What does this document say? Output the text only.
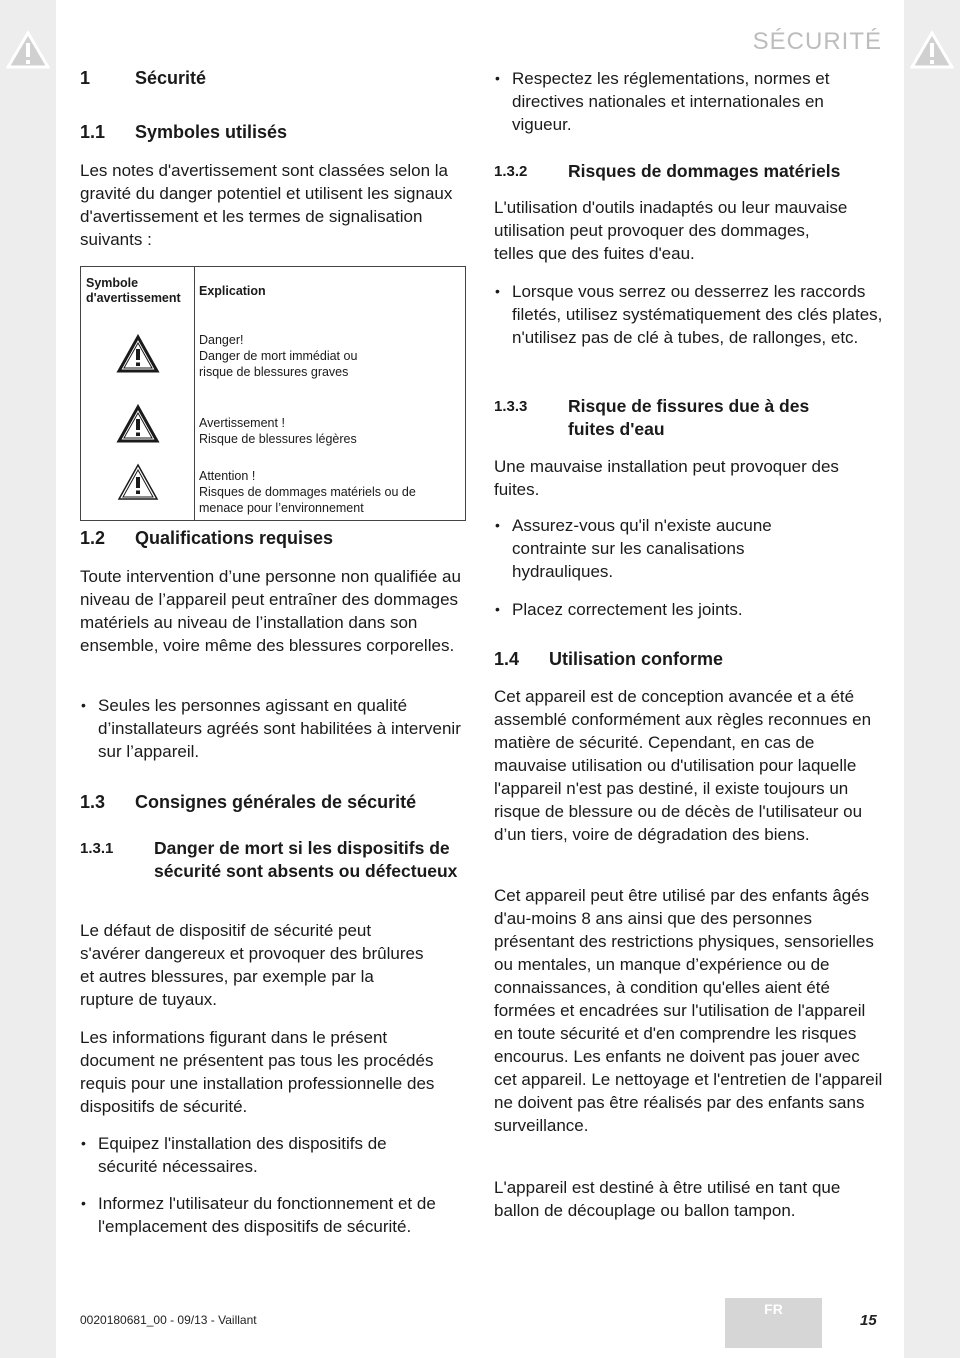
SÉCURITÉ
1 Sécurité
1.1 Symboles utilisés

Les notes d'avertissement sont classées selon la gravité du danger potentiel et utilisent les signaux d'avertissement et les termes de signalisation suivants :

Symbole d'avertissement	Explication

Danger!
Danger de mort immédiat ou risque de blessures graves

Avertissement !
Risque de blessures légères

Attention !
Risques de dommages matériels ou de menace pour l’environnement
1.2 Qualifications requises

Toute intervention d’une personne non qualifiée au niveau de l’appareil peut entraîner des dommages matériels au niveau de l’installation dans son ensemble, voire même des blessures corporelles.

• Seules les personnes agissant en qualité d’installateurs agréés sont habilitées à intervenir sur l’appareil.
1.3 Consignes générales de sécurité
1.3.1 Danger de mort si les dispositifs de sécurité sont absents ou défectueux

Le défaut de dispositif de sécurité peut s'avérer dangereux et provoquer des brûlures et autres blessures, par exemple par la rupture de tuyaux.

Les informations figurant dans le présent document ne présentent pas tous les procédés requis pour une installation professionnelle des dispositifs de sécurité.

• Equipez l'installation des dispositifs de sécurité nécessaires.
• Informez l'utilisateur du fonctionnement et de l'emplacement des dispositifs de sécurité.
• Respectez les réglementations, normes et directives nationales et internationales en vigueur.
1.3.2 Risques de dommages matériels

L'utilisation d'outils inadaptés ou leur mauvaise utilisation peut provoquer des dommages, telles que des fuites d'eau.

• Lorsque vous serrez ou desserrez les raccords filetés, utilisez systématiquement des clés plates, n'utilisez pas de clé à tubes, de rallonges, etc.
1.3.3 Risque de fissures due à des fuites d'eau

Une mauvaise installation peut provoquer des fuites.

• Assurez-vous qu'il n'existe aucune contrainte sur les canalisations hydrauliques.
• Placez correctement les joints.
1.4 Utilisation conforme

Cet appareil est de conception avancée et a été assemblé conformément aux règles reconnues en matière de sécurité. Cependant, en cas de mauvaise utilisation ou d'utilisation pour laquelle l'appareil n'est pas destiné, il existe toujours un risque de blessure ou de décès de l'utilisateur ou d’un tiers, voire de dégradation des biens.

Cet appareil peut être utilisé par des enfants âgés d'au-moins 8 ans ainsi que des personnes présentant des restrictions physiques, sensorielles ou mentales, un manque d’expérience ou de connaissances, à condition qu'elles aient été formées et encadrées sur l'utilisation de l'appareil en toute sécurité et d'en comprendre les risques encourus. Les enfants ne doivent pas jouer avec cet appareil. Le nettoyage et l'entretien de l'appareil ne doivent pas être réalisés par des enfants sans surveillance.

L'appareil est destiné à être utilisé en tant que ballon de découplage ou ballon tampon.

0020180681_00 - 09/13 - Vaillant
FR
15
